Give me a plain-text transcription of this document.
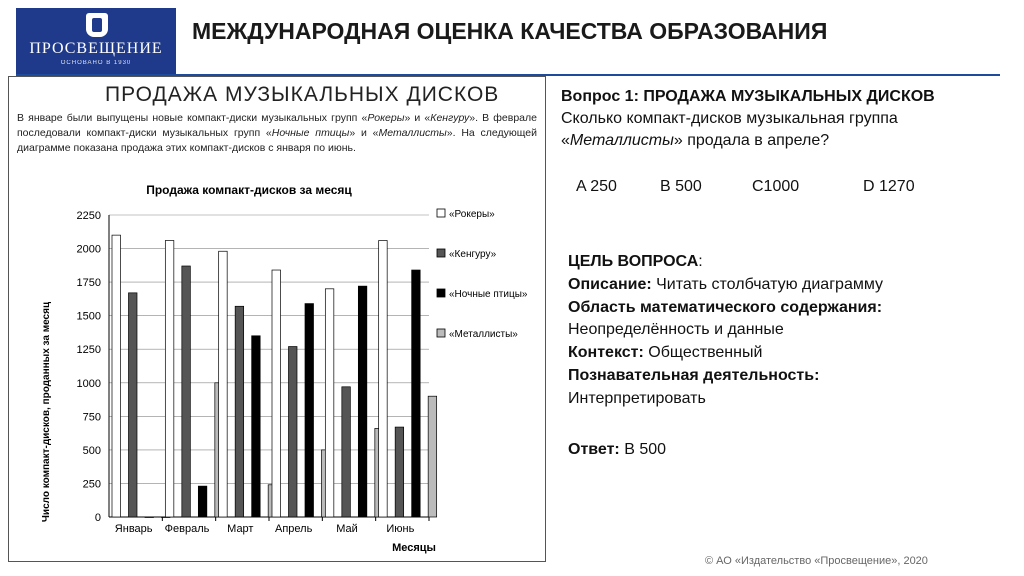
ПРОСВЕЩЕНИЕ
ОСНОВАНО В 1930
МЕЖДУНАРОДНАЯ ОЦЕНКА КАЧЕСТВА ОБРАЗОВАНИЯ
ПРОДАЖА МУЗЫКАЛЬНЫХ ДИСКОВ
В январе были выпущены новые компакт-диски музыкальных групп «Рокеры» и «Кенгуру». В феврале последовали компакт-диски музыкальных групп «Ночные птицы» и «Металлисты». На следующей диаграмме показана продажа этих компакт-дисков с января по июнь.
Продажа компакт-дисков за месяц
Число компакт-дисков, проданных за месяц
Месяцы
0
250
500
750
1000
1250
1500
1750
2000
2250
Январь Февраль Март Апрель Май	Июнь
«Рокеры»
«Кенгуру»
«Ночные птицы»
«Металлисты»
Вопрос 1: ПРОДАЖА МУЗЫКАЛЬНЫХ ДИСКОВ
Сколько компакт-дисков музыкальная группа «Металлисты» продала в апреле?
A 250	B 500	C1000	D 1270
ЦЕЛЬ ВОПРОСА:
Описание: Читать столбчатую диаграмму
Область математического содержания:
Неопределённость и данные
Контекст: Общественный
Познавательная деятельность:
Интерпретировать
Ответ: B 500
© АО «Издательство «Просвещение», 2020
